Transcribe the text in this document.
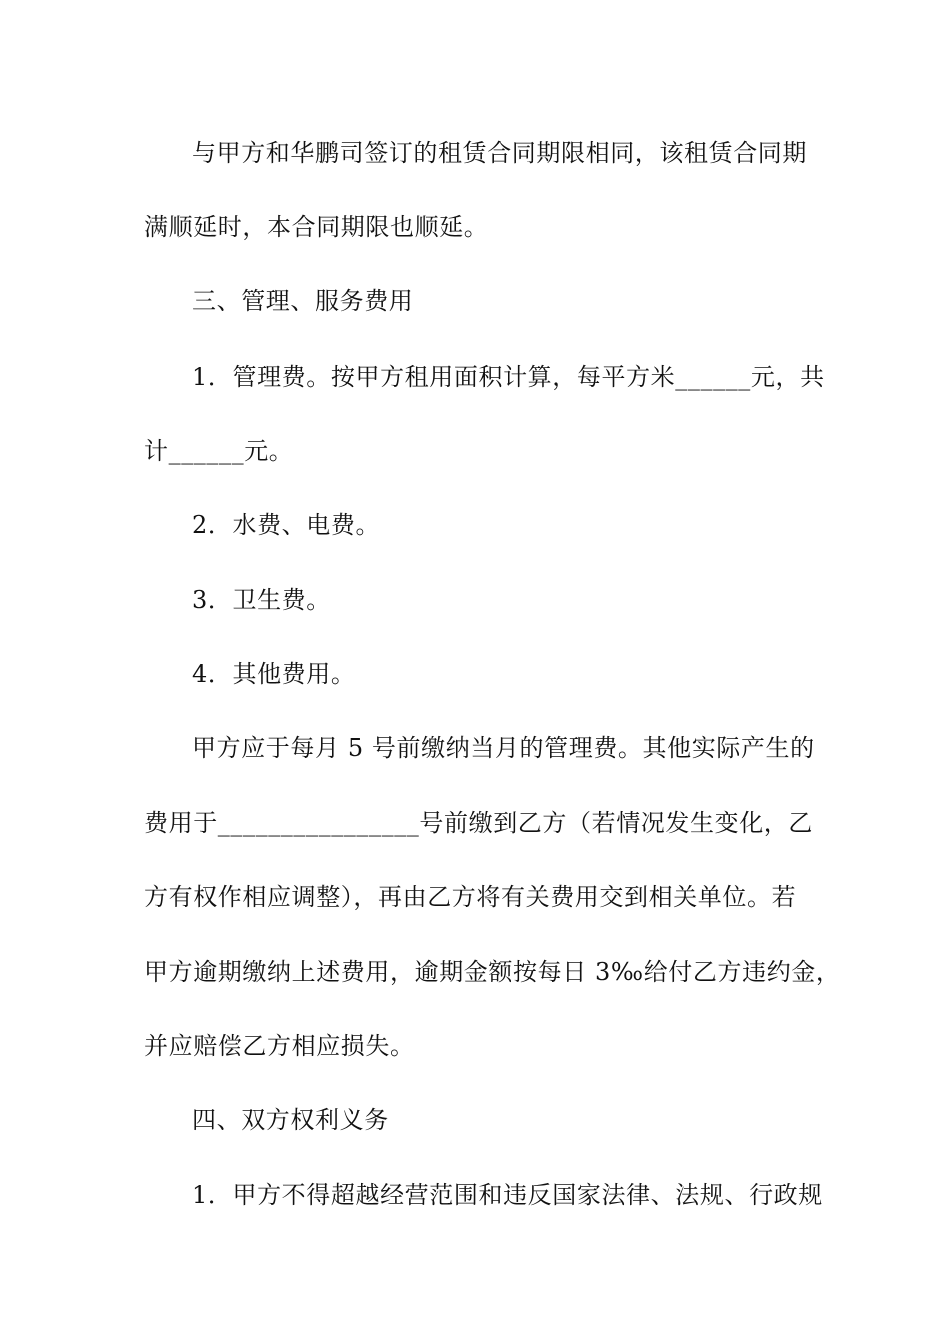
与甲方和华鹏司签订的租赁合同期限相同，该租赁合同期
满顺延时，本合同期限也顺延。
三、管理、服务费用
1．管理费。按甲方租用面积计算，每平方米______元，共
计______元。
2．水费、电费。
3．卫生费。
4．其他费用。
甲方应于每月 5 号前缴纳当月的管理费。其他实际产生的
费用于________________号前缴到乙方（若情况发生变化，乙
方有权作相应调整），再由乙方将有关费用交到相关单位。若
甲方逾期缴纳上述费用，逾期金额按每日 3‰给付乙方违约金，
并应赔偿乙方相应损失。
四、双方权利义务
1．甲方不得超越经营范围和违反国家法律、法规、行政规
